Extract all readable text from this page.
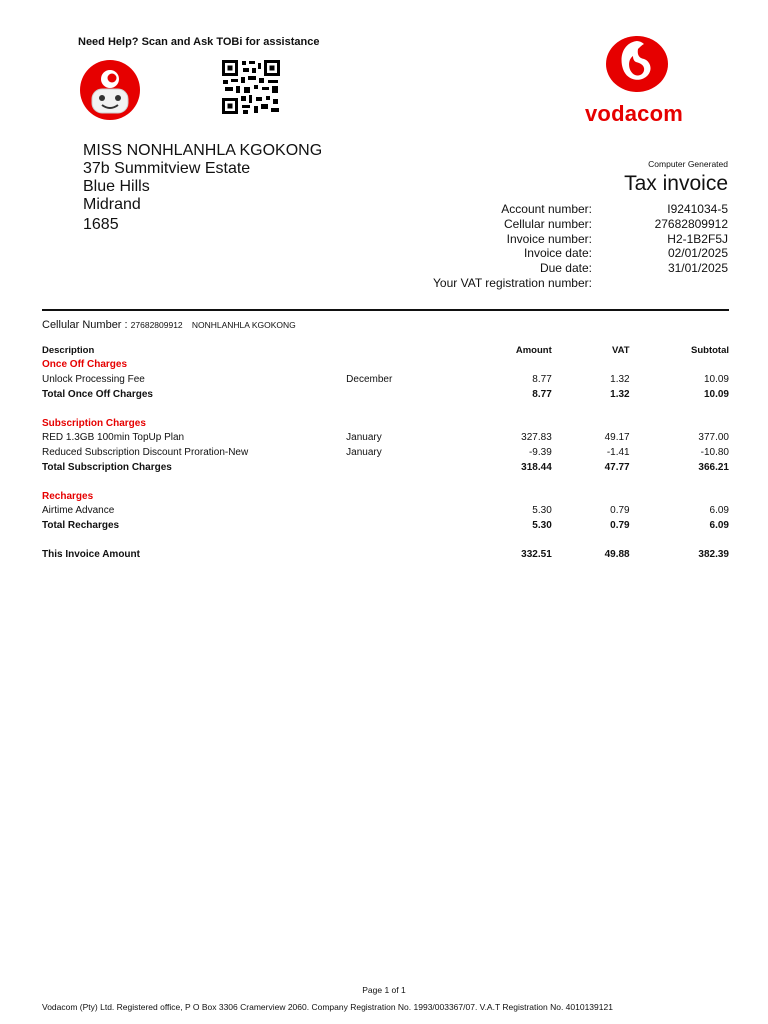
Need Help? Scan and Ask TOBi for assistance
vodacom
MISS NONHLANHLA KGOKONG
37b Summitview Estate
Blue Hills
Midrand
1685
Computer Generated
Tax invoice
Account number:	I9241034-5
Cellular number:	27682809912
Invoice number:	H2-1B2F5J
Invoice date:	02/01/2025
Due date:	31/01/2025
Your VAT registration number:
Cellular Number : 27682809912 NONHLANHLA KGOKONG
Description		Amount	VAT	Subtotal
Once Off Charges				
Unlock Processing Fee	December	8.77	1.32	10.09
Total Once Off Charges		8.77	1.32	10.09

Subscription Charges				
RED 1.3GB 100min TopUp Plan	January	327.83	49.17	377.00
Reduced Subscription Discount Proration-New	January	-9.39	-1.41	-10.80
Total Subscription Charges		318.44	47.77	366.21

Recharges				
Airtime Advance		5.30	0.79	6.09
Total Recharges		5.30	0.79	6.09

This Invoice Amount		332.51	49.88	382.39
Page 1 of 1
Vodacom (Pty) Ltd. Registered office, P O Box 3306 Cramerview 2060. Company Registration No. 1993/003367/07. V.A.T Registration No. 4010139121
